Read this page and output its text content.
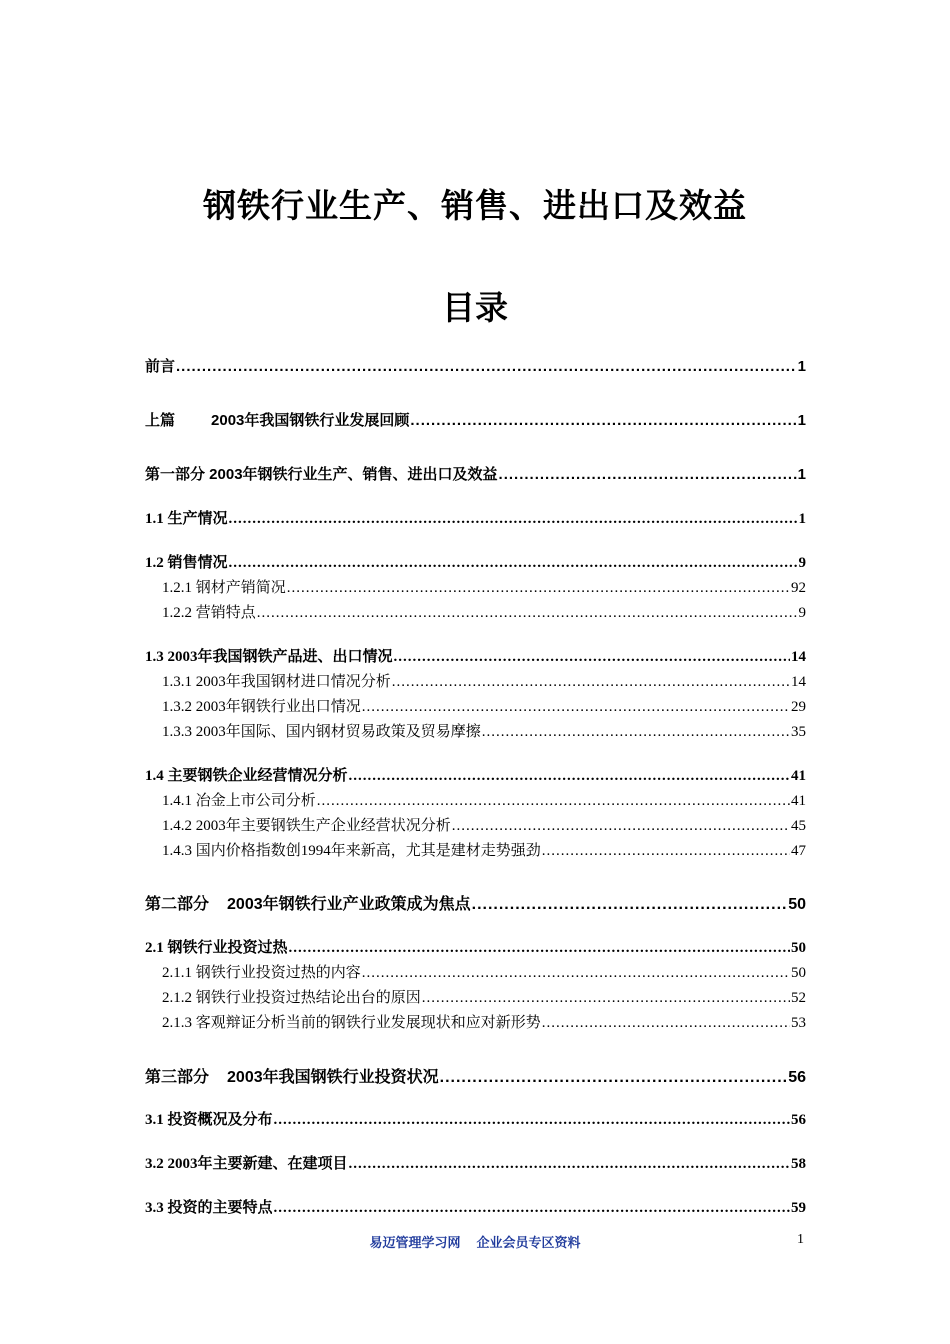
钢铁行业生产、销售、进出口及效益
目录
前言 .....	1
上篇 2003年我国钢铁行业发展回顾 .....	1
第一部分 2003年钢铁行业生产、销售、进出口及效益 .....	1
1.1 生产情况 .....	1
1.2 销售情况 .....	9
1.2.1 钢材产销简况 .....	92
1.2.2 营销特点 .....	9
1.3 2003年我国钢铁产品进、出口情况 .....	14
1.3.1 2003年我国钢材进口情况分析 .....	14
1.3.2 2003年钢铁行业出口情况 .....	29
1.3.3 2003年国际、国内钢材贸易政策及贸易摩擦 .....	35
1.4 主要钢铁企业经营情况分析 .....	41
1.4.1 冶金上市公司分析 .....	41
1.4.2 2003年主要钢铁生产企业经营状况分析 .....	45
1.4.3 国内价格指数创1994年来新高，尤其是建材走势强劲 .....	47
第二部分 2003年钢铁行业产业政策成为焦点 .....	50
2.1 钢铁行业投资过热 .....	50
2.1.1 钢铁行业投资过热的内容 .....	50
2.1.2 钢铁行业投资过热结论出台的原因 .....	52
2.1.3 客观辩证分析当前的钢铁行业发展现状和应对新形势 .....	53
第三部分 2003年我国钢铁行业投资状况 .....	56
3.1 投资概况及分布 .....	56
3.2 2003年主要新建、在建项目 .....	58
3.3 投资的主要特点 .....	59
易迈管理学习网 企业会员专区资料	1
